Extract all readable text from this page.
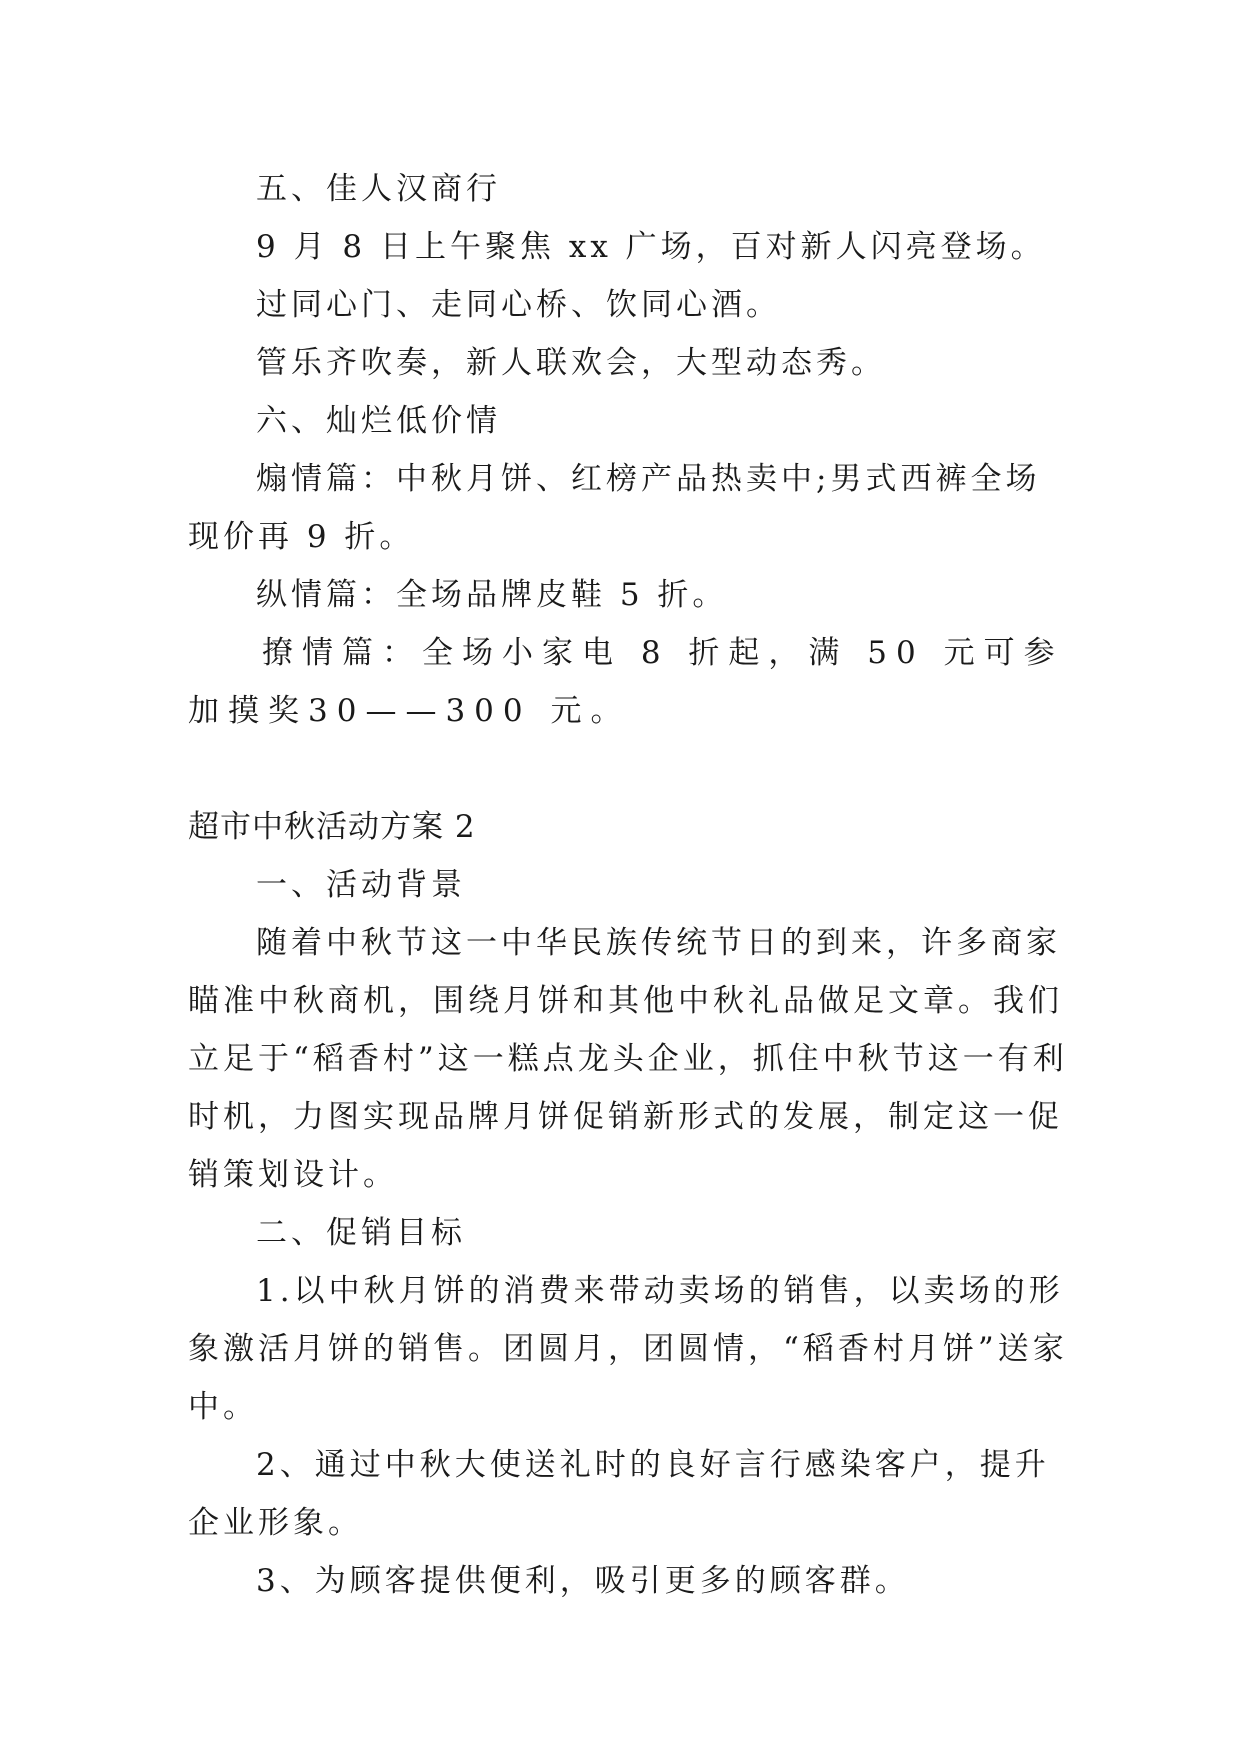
五、佳人汉商行

9 月 8 日上午聚焦 xx 广场，百对新人闪亮登场。

过同心门、走同心桥、饮同心酒。

管乐齐吹奏，新人联欢会，大型动态秀。

六、灿烂低价情

煽情篇：中秋月饼、红榜产品热卖中;男式西裤全场现价再 9 折。

纵情篇：全场品牌皮鞋 5 折。

撩情篇：全场小家电 8 折起，满 50 元可参加摸奖30——300 元。

超市中秋活动方案 2

一、活动背景

随着中秋节这一中华民族传统节日的到来，许多商家瞄准中秋商机，围绕月饼和其他中秋礼品做足文章。我们立足于“稻香村”这一糕点龙头企业，抓住中秋节这一有利时机，力图实现品牌月饼促销新形式的发展，制定这一促销策划设计。

二、促销目标

1.以中秋月饼的消费来带动卖场的销售，以卖场的形象激活月饼的销售。团圆月，团圆情，“稻香村月饼”送家中。

2、通过中秋大使送礼时的良好言行感染客户，提升企业形象。

3、为顾客提供便利，吸引更多的顾客群。
